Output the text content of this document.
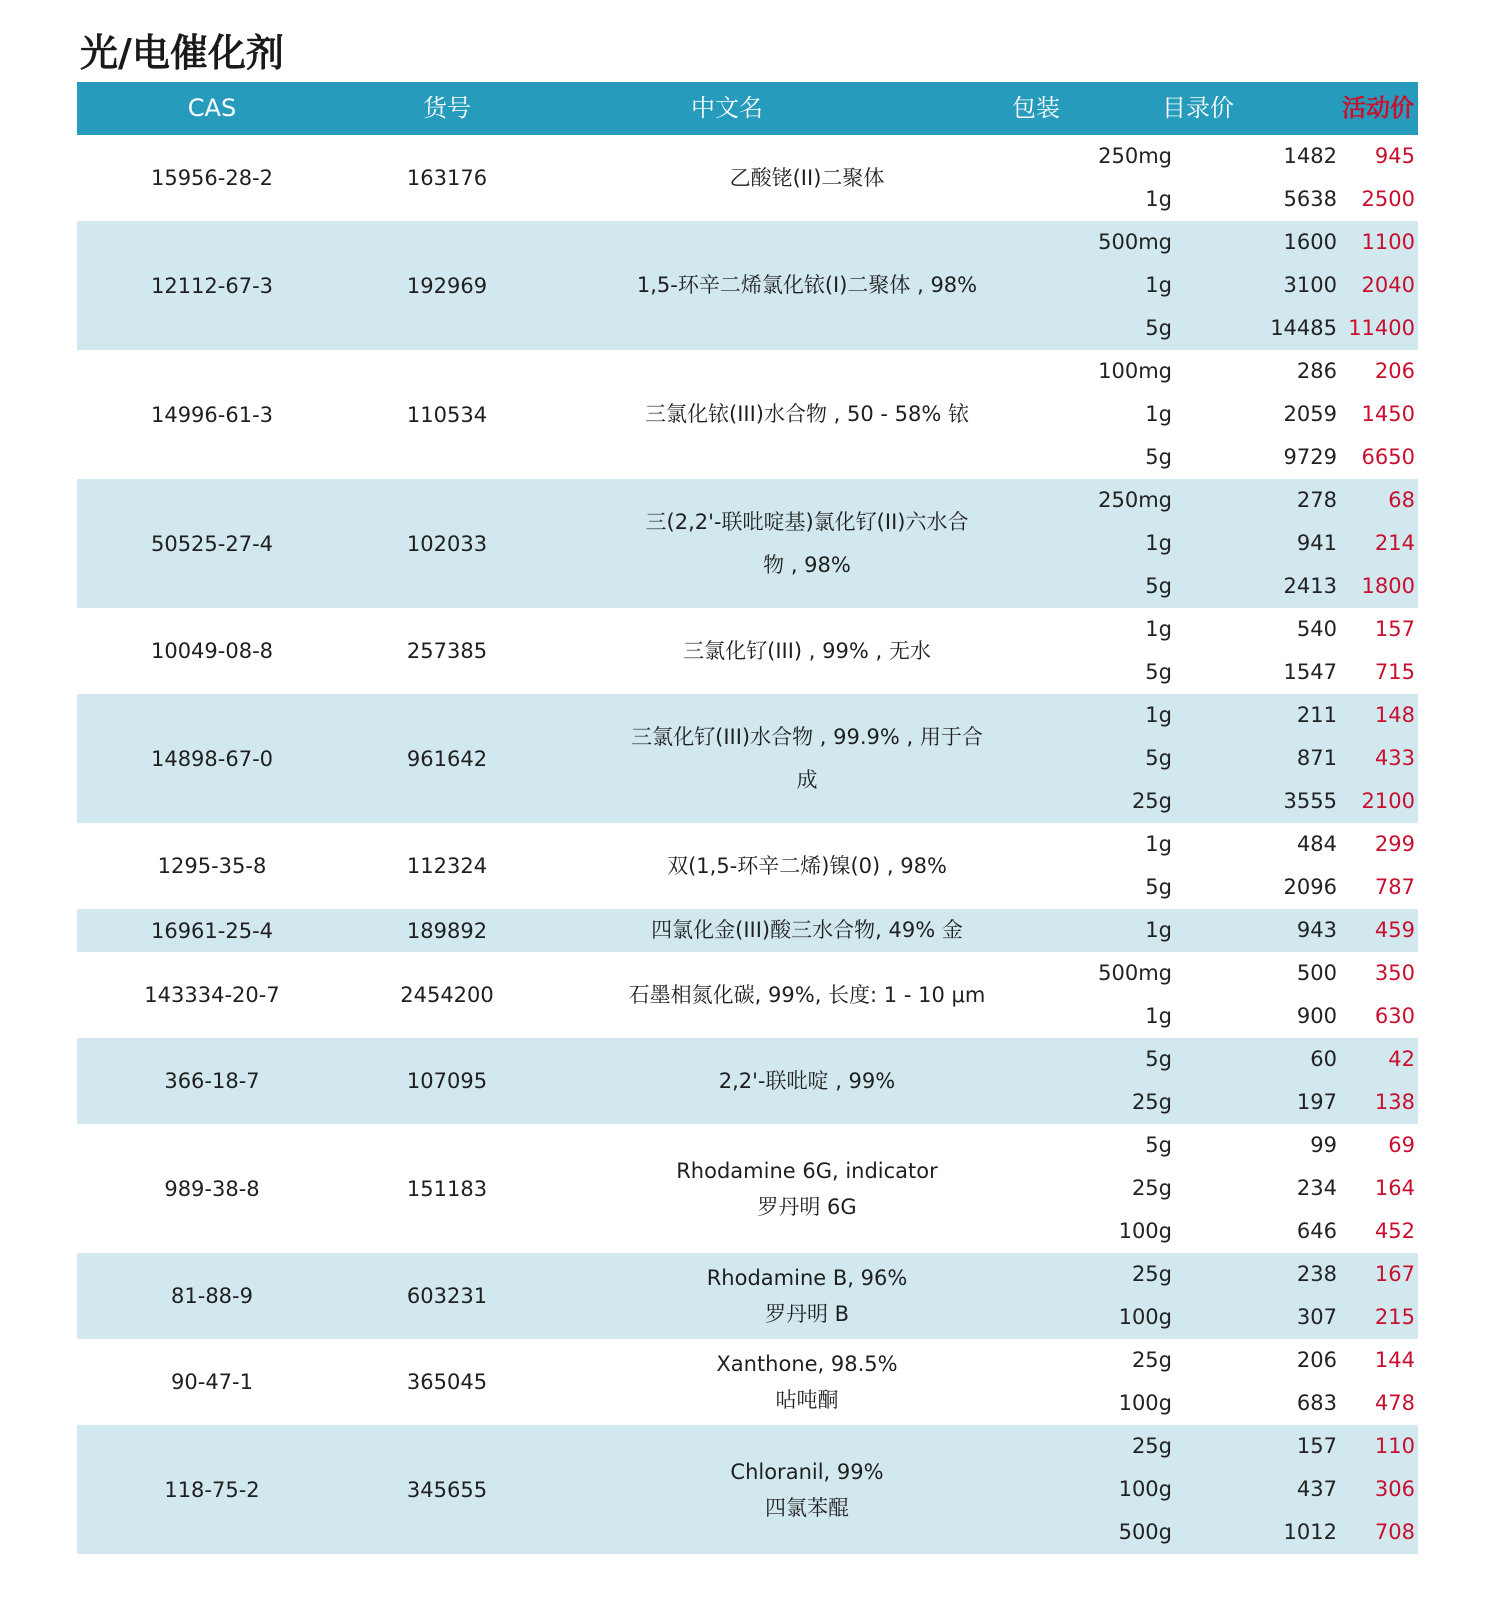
光/电催化剂
CAS	货号	中文名	包装	目录价	活动价
15956-28-2	163176	乙酸铑(II)二聚体
250mg	1482	945
1g	5638	2500
12112-67-3	192969	1,5-环辛二烯氯化铱(I)二聚体 , 98%
500mg	1600	1100
1g	3100	2040
5g	14485 11400
14996-61-3	110534	三氯化铱(III)水合物 , 50 - 58% 铱
100mg	286	206
1g	2059	1450
5g	9729	6650
50525-27-4	102033
三(2,2'-联吡啶基)氯化钌(II)六水合
物 , 98%
250mg	278	68
1g	941	214
5g	2413	1800
10049-08-8	257385	三氯化钌(III) , 99% , 无水
1g	540	157
5g	1547	715
14898-67-0	961642
三氯化钌(III)水合物 , 99.9% , 用于合
成
1g	211	148
5g	871	433
25g	3555	2100
1295-35-8	112324	双(1,5-环辛二烯)镍(0) , 98%
1g	484	299
5g	2096	787
16961-25-4	189892	四氯化金(III)酸三水合物, 49% 金	1g	943	459
143334-20-7	2454200	石墨相氮化碳, 99%, 长度: 1 - 10 μm
500mg	500	350
1g	900	630
366-18-7	107095	2,2'-联吡啶 , 99%
5g	60	42
25g	197	138
989-38-8	151183
Rhodamine 6G, indicator
罗丹明 6G
5g	99	69
25g	234	164
100g	646	452
81-88-9	603231
Rhodamine B, 96%
罗丹明 B
25g	238	167
100g	307	215
90-47-1	365045
Xanthone, 98.5%
呫吨酮
25g	206	144
100g	683	478
118-75-2	345655
Chloranil, 99%
四氯苯醌
25g	157	110
100g	437	306
500g	1012	708
